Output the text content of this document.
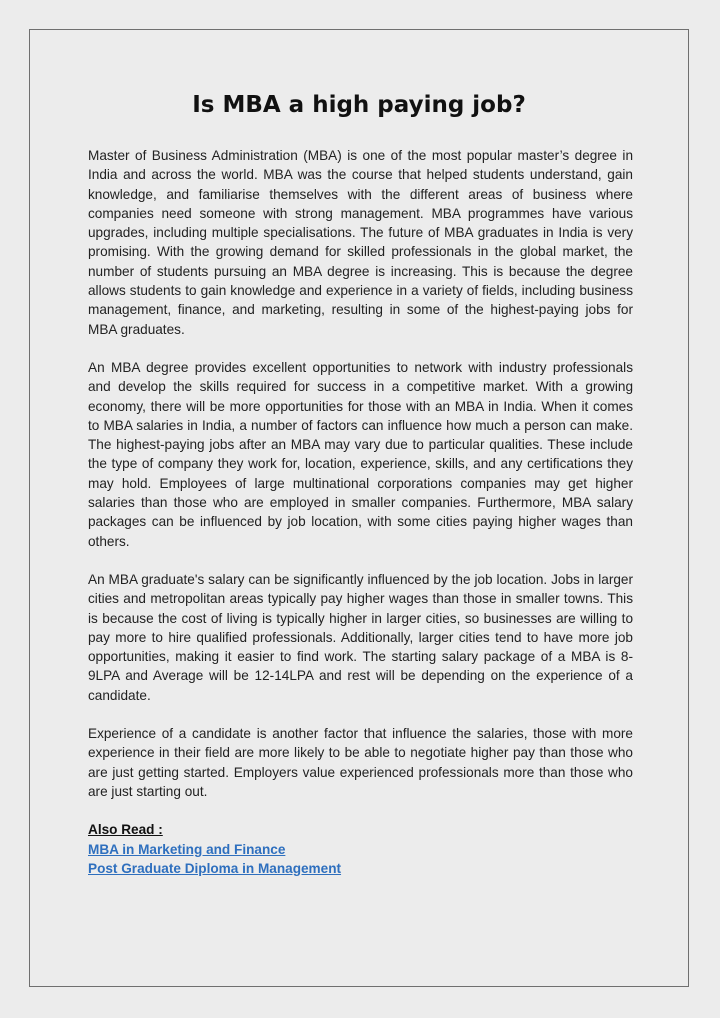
Is MBA a high paying job?

Master of Business Administration (MBA) is one of the most popular master’s degree in India and across the world. MBA was the course that helped students understand, gain knowledge, and familiarise themselves with the different areas of business where companies need someone with strong management. MBA programmes have various upgrades, including multiple specialisations. The future of MBA graduates in India is very promising. With the growing demand for skilled professionals in the global market, the number of students pursuing an MBA degree is increasing. This is because the degree allows students to gain knowledge and experience in a variety of fields, including business management, finance, and marketing, resulting in some of the highest-paying jobs for MBA graduates.

An MBA degree provides excellent opportunities to network with industry professionals and develop the skills required for success in a competitive market. With a growing economy, there will be more opportunities for those with an MBA in India. When it comes to MBA salaries in India, a number of factors can influence how much a person can make. The highest-paying jobs after an MBA may vary due to particular qualities. These include the type of company they work for, location, experience, skills, and any certifications they may hold. Employees of large multinational corporations companies may get higher salaries than those who are employed in smaller companies. Furthermore, MBA salary packages can be influenced by job location, with some cities paying higher wages than others.

An MBA graduate's salary can be significantly influenced by the job location. Jobs in larger cities and metropolitan areas typically pay higher wages than those in smaller towns. This is because the cost of living is typically higher in larger cities, so businesses are willing to pay more to hire qualified professionals. Additionally, larger cities tend to have more job opportunities, making it easier to find work. The starting salary package of a MBA is 8-9LPA and Average will be 12-14LPA and rest will be depending on the experience of a candidate.

Experience of a candidate is another factor that influence the salaries, those with more experience in their field are more likely to be able to negotiate higher pay than those who are just getting started. Employers value experienced professionals more than those who are just starting out.

Also Read :
MBA in Marketing and Finance
Post Graduate Diploma in Management
